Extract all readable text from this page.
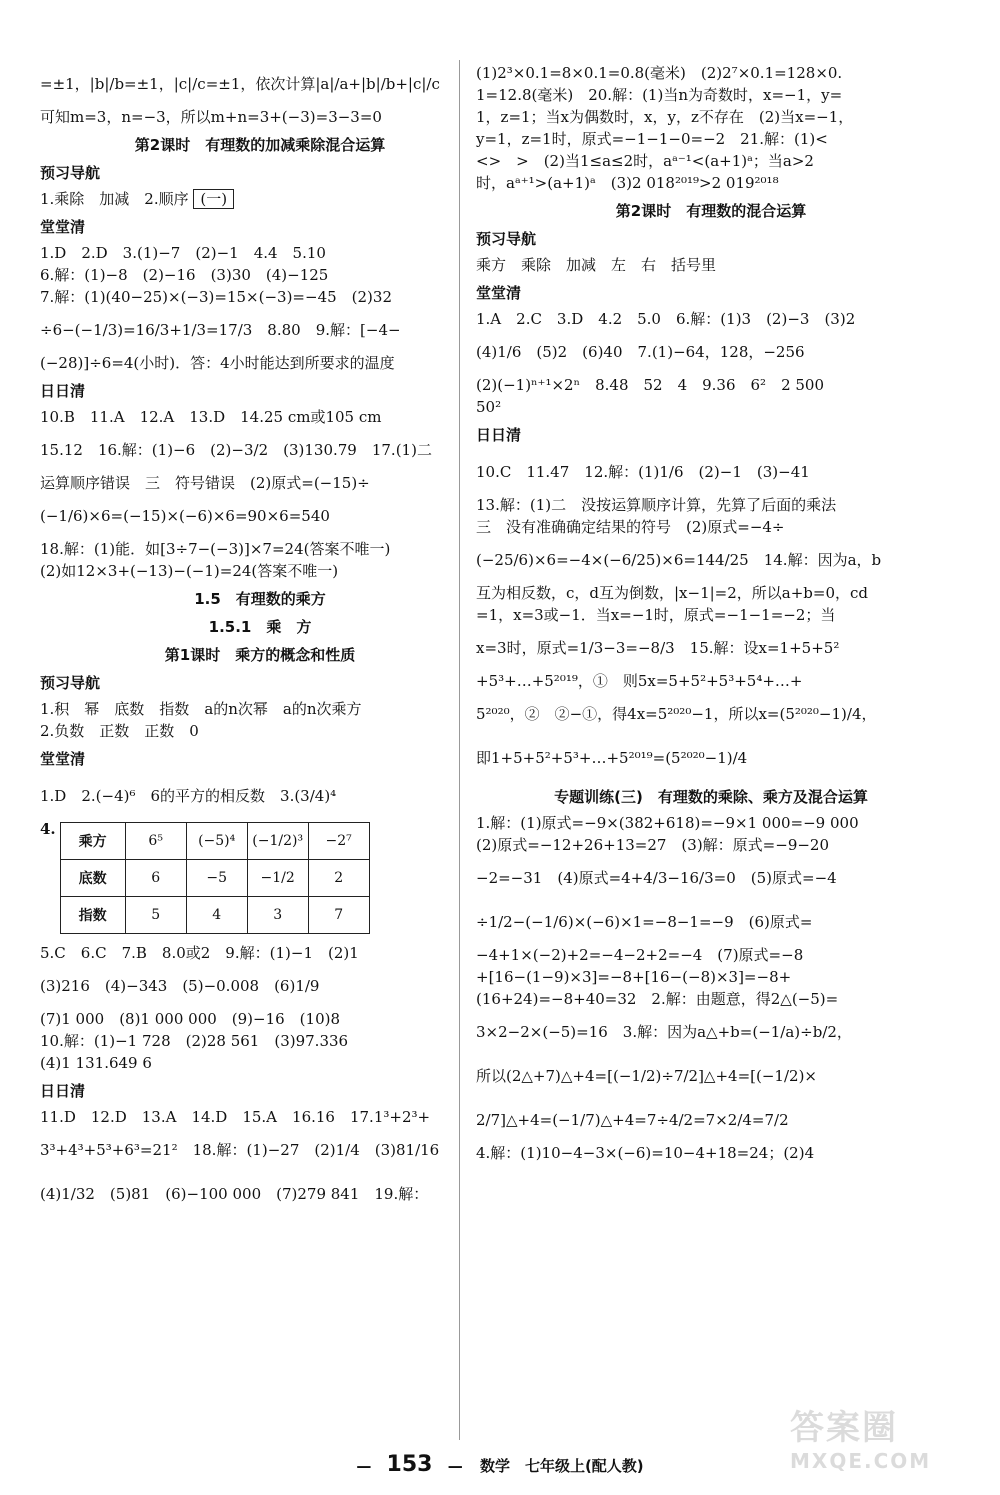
=±1，|b|/b=±1，|c|/c=±1，依次计算|a|/a+|b|/b+|c|/c

可知m=3，n=−3，所以m+n=3+(−3)=3−3=0

第2课时　有理数的加减乘除混合运算
预习导航

1.乘除　加减　2.顺序 (一)

堂堂清

1.D　2.D　3.(1)−7　(2)−1　4.4　5.10

6.解：(1)−8　(2)−16　(3)30　(4)−125

7.解：(1)(40−25)×(−3)=15×(−3)=−45　(2)32

÷6−(−1/3)=16/3+1/3=17/3　8.80　9.解：[−4−

(−28)]÷6=4(小时)．答：4小时能达到所要求的温度

日日清

10.B　11.A　12.A　13.D　14.25 cm或105 cm

15.12　16.解：(1)−6　(2)−3/2　(3)130.79　17.(1)二

运算顺序错误　三　符号错误　(2)原式=(−15)÷

(−1/6)×6=(−15)×(−6)×6=90×6=540

18.解：(1)能．如[3÷7−(−3)]×7=24(答案不唯一)

(2)如12×3+(−13)−(−1)=24(答案不唯一)

1.5　有理数的乘方
1.5.1　乘　方
第1课时　乘方的概念和性质
预习导航

1.积　幂　底数　指数　a的n次幂　a的n次乘方

2.负数　正数　正数　0

堂堂清

1.D　2.(−4)⁶　6的平方的相反数　3.(3/4)⁴

4.
乘方	6⁵	(−5)⁴	(−1/2)³	−2⁷
底数	6	−5	−1/2	2
指数	5	4	3	7

5.C　6.C　7.B　8.0或2　9.解：(1)−1　(2)1

(3)216　(4)−343　(5)−0.008　(6)1/9

(7)1 000　(8)1 000 000　(9)−16　(10)8

10.解：(1)−1 728　(2)28 561　(3)97.336

(4)1 131.649 6

日日清

11.D　12.D　13.A　14.D　15.A　16.16　17.1³+2³+

3³+4³+5³+6³=21²　18.解：(1)−27　(2)1/4　(3)81/16

(4)1/32　(5)81　(6)−100 000　(7)279 841　19.解：

(1)2³×0.1=8×0.1=0.8(毫米)　(2)2⁷×0.1=128×0.

1=12.8(毫米)　20.解：(1)当n为奇数时，x=−1，y=

1，z=1；当x为偶数时，x，y，z不存在　(2)当x=−1，

y=1，z=1时，原式=−1−1−0=−2　21.解：(1)<

<>　>　(2)当1≤a≤2时，aᵃ⁻¹<(a+1)ᵃ；当a>2

时，aᵃ⁺¹>(a+1)ᵃ　(3)2 018²⁰¹⁹>2 019²⁰¹⁸

第2课时　有理数的混合运算
预习导航

乘方　乘除　加减　左　右　括号里

堂堂清

1.A　2.C　3.D　4.2　5.0　6.解：(1)3　(2)−3　(3)2

(4)1/6　(5)2　(6)40　7.(1)−64，128，−256

(2)(−1)ⁿ⁺¹×2ⁿ　8.48　52　4　9.36　6²　2 500

50²

日日清

10.C　11.47　12.解：(1)1/6　(2)−1　(3)−41

13.解：(1)二　没按运算顺序计算，先算了后面的乘法

三　没有准确确定结果的符号　(2)原式=−4÷

(−25/6)×6=−4×(−6/25)×6=144/25　14.解：因为a，b

互为相反数，c，d互为倒数，|x−1|=2，所以a+b=0，cd

=1，x=3或−1．当x=−1时，原式=−1−1=−2；当

x=3时，原式=1/3−3=−8/3　15.解：设x=1+5+5²

+5³+…+5²⁰¹⁹，①　则5x=5+5²+5³+5⁴+…+

5²⁰²⁰，②　②−①，得4x=5²⁰²⁰−1，所以x=(5²⁰²⁰−1)/4，

即1+5+5²+5³+…+5²⁰¹⁹=(5²⁰²⁰−1)/4

专题训练(三)　有理数的乘除、乘方及混合运算

1.解：(1)原式=−9×(382+618)=−9×1 000=−9 000

(2)原式=−12+26+13=27　(3)解：原式=−9−20

−2=−31　(4)原式=4+4/3−16/3=0　(5)原式=−4

÷1/2−(−1/6)×(−6)×1=−8−1=−9　(6)原式=

−4+1×(−2)+2=−4−2+2=−4　(7)原式=−8

+[16−(1−9)×3]=−8+[16−(−8)×3]=−8+

(16+24)=−8+40=32　2.解：由题意，得2△(−5)=

3×2−2×(−5)=16　3.解：因为a△+b=(−1/a)÷b/2，

所以(2△+7)△+4=[(−1/2)÷7/2]△+4=[(−1/2)×

2/7]△+4=(−1/7)△+4=7÷4/2=7×2/4=7/2

4.解：(1)10−4−3×(−6)=10−4+18=24；(2)4

— 153 — 数学　七年级上(配人教)
答案圈
MXQE.COM
